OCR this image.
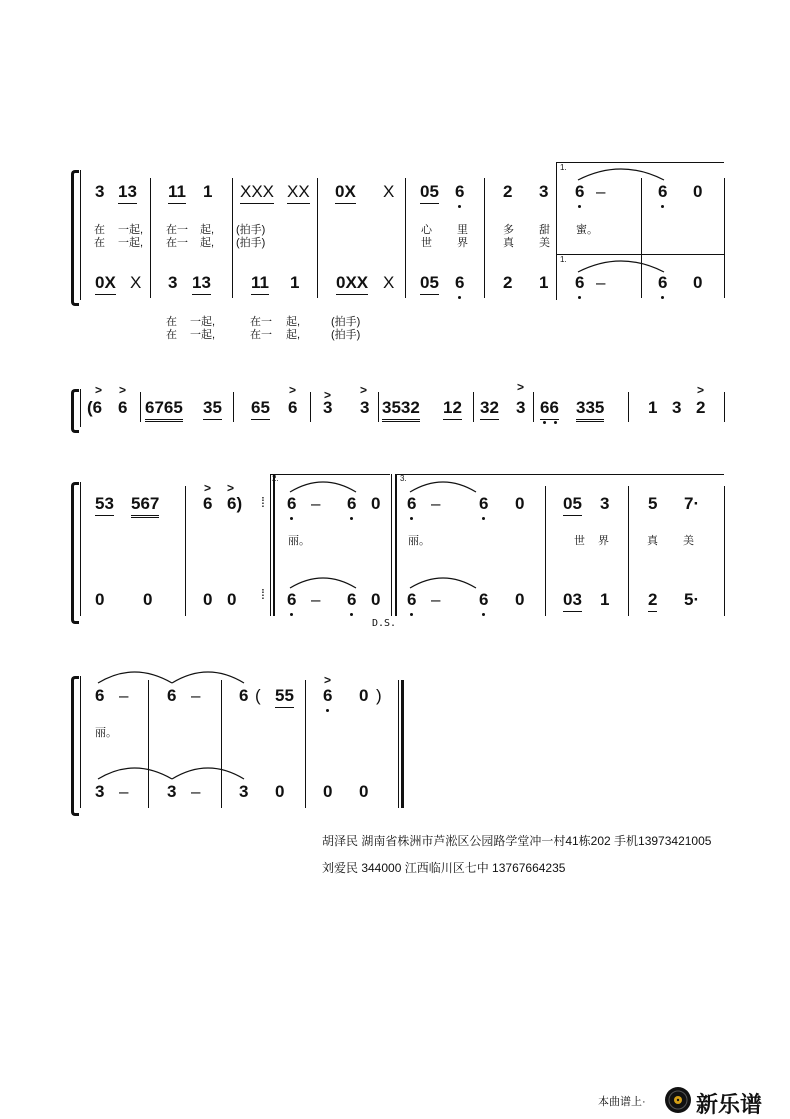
1.
1.
3 13 11 1 XXX XX 0X X 05 6 2 3 6 –	6 0
在 一起, 在一 起, (拍手)	心 里	多 甜 蜜。
在 一起, 在一 起, (拍手)	世 界	真 美
0X X 3 13 11 1 0XX X 05 6 2 1 6 –	6 0
在 一起,	在一 起,	(拍手)
在 一起,	在一 起,	(拍手)
> >	> > >	>	>
(6 6 6765 35 65 6 3 3 3532 12 32 3 66 335	1 3 2
2.	3.
⁞
⁞
> >
53 567	6 6)	6 – 6 0 6 – 6 0 05 3 5 7·
丽。	丽。	世 界	真 美
0 0	0 0	6 – 6 0 6 – 6 0 03 1 2 5·
D.S.
>
6 – 6 – 6 ( 55 6 0 )
丽。
3 – 3 – 3 0 0 0
胡泽民 湖南省株洲市芦淞区公园路学堂冲一村41栋202 手机13973421005
刘爱民 344000 江西临川区七中 13767664235
本曲谱上· 新乐谱
